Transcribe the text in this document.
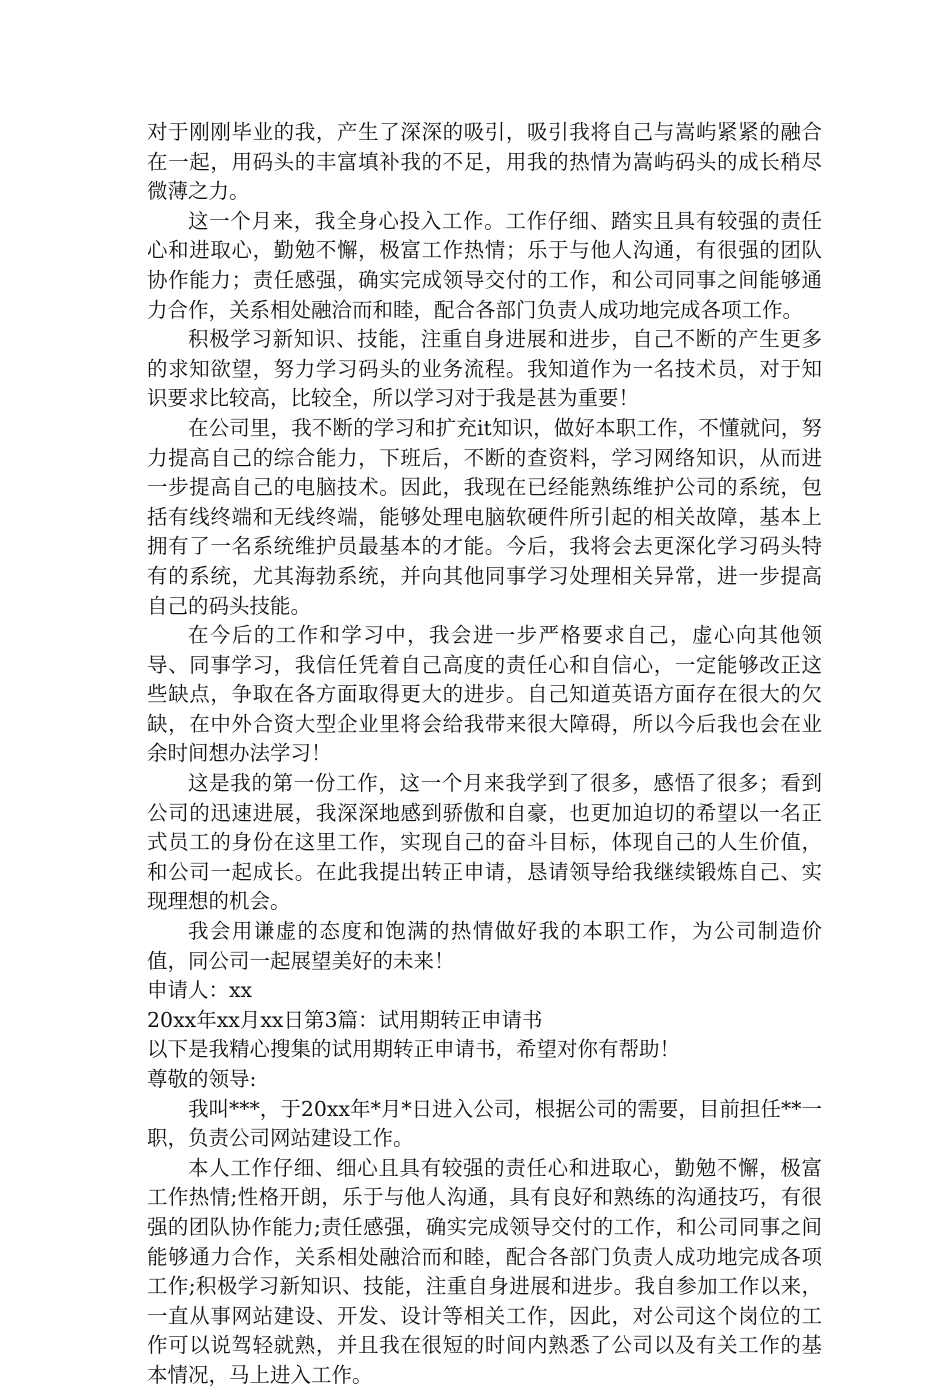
对于刚刚毕业的我，产生了深深的吸引，吸引我将自己与嵩屿紧紧的融合在一起，用码头的丰富填补我的不足，用我的热情为嵩屿码头的成长稍尽微薄之力。

这一个月来，我全身心投入工作。工作仔细、踏实且具有较强的责任心和进取心，勤勉不懈，极富工作热情；乐于与他人沟通，有很强的团队协作能力；责任感强，确实完成领导交付的工作，和公司同事之间能够通力合作，关系相处融洽而和睦，配合各部门负责人成功地完成各项工作。

积极学习新知识、技能，注重自身进展和进步，自己不断的产生更多的求知欲望，努力学习码头的业务流程。我知道作为一名技术员，对于知识要求比较高，比较全，所以学习对于我是甚为重要！

在公司里，我不断的学习和扩充it知识，做好本职工作，不懂就问，努力提高自己的综合能力，下班后，不断的查资料，学习网络知识，从而进一步提高自己的电脑技术。因此，我现在已经能熟练维护公司的系统，包括有线终端和无线终端，能够处理电脑软硬件所引起的相关故障，基本上拥有了一名系统维护员最基本的才能。今后，我将会去更深化学习码头特有的系统，尤其海勃系统，并向其他同事学习处理相关异常，进一步提高自己的码头技能。

在今后的工作和学习中，我会进一步严格要求自己，虚心向其他领导、同事学习，我信任凭着自己高度的责任心和自信心，一定能够改正这些缺点，争取在各方面取得更大的进步。自己知道英语方面存在很大的欠缺，在中外合资大型企业里将会给我带来很大障碍，所以今后我也会在业余时间想办法学习！

这是我的第一份工作，这一个月来我学到了很多，感悟了很多；看到公司的迅速进展，我深深地感到骄傲和自豪，也更加迫切的希望以一名正式员工的身份在这里工作，实现自己的奋斗目标，体现自己的人生价值，和公司一起成长。在此我提出转正申请，恳请领导给我继续锻炼自己、实现理想的机会。

我会用谦虚的态度和饱满的热情做好我的本职工作，为公司制造价值，同公司一起展望美好的未来！

申请人：xx

20xx年xx月xx日第3篇：试用期转正申请书

以下是我精心搜集的试用期转正申请书，希望对你有帮助！

尊敬的领导:

我叫***，于20xx年*月*日进入公司，根据公司的需要，目前担任**一职，负责公司网站建设工作。

本人工作仔细、细心且具有较强的责任心和进取心，勤勉不懈，极富工作热情;性格开朗，乐于与他人沟通，具有良好和熟练的沟通技巧，有很强的团队协作能力;责任感强，确实完成领导交付的工作，和公司同事之间能够通力合作，关系相处融洽而和睦，配合各部门负责人成功地完成各项工作;积极学习新知识、技能，注重自身进展和进步。我自参加工作以来，一直从事网站建设、开发、设计等相关工作，因此，对公司这个岗位的工作可以说驾轻就熟，并且我在很短的时间内熟悉了公司以及有关工作的基本情况，马上进入工作。
